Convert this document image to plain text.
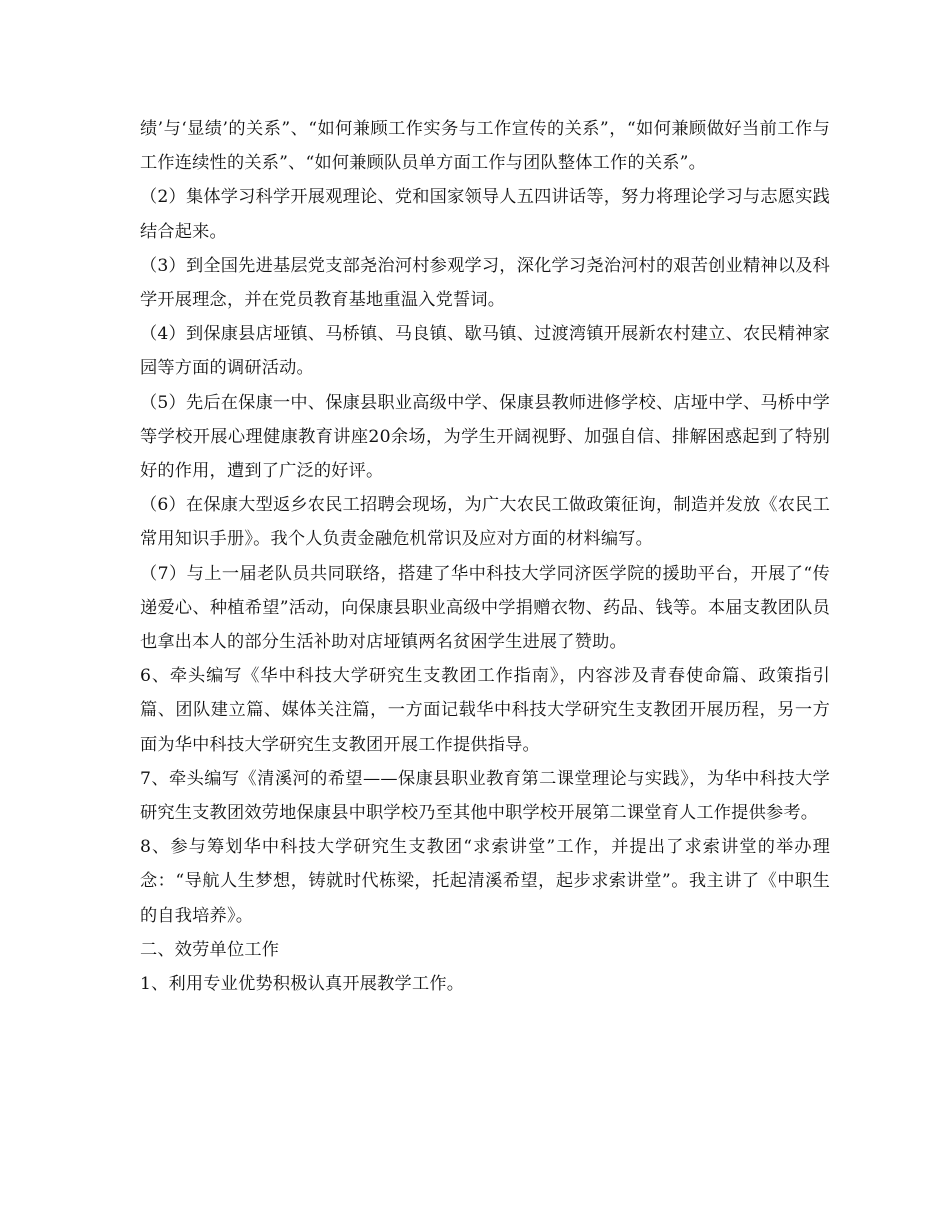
绩’与‘显绩’的关系”、“如何兼顾工作实务与工作宣传的关系”，“如何兼顾做好当前工作与工作连续性的关系”、“如何兼顾队员单方面工作与团队整体工作的关系”。

（2）集体学习科学开展观理论、党和国家领导人五四讲话等，努力将理论学习与志愿实践结合起来。

（3）到全国先进基层党支部尧治河村参观学习，深化学习尧治河村的艰苦创业精神以及科学开展理念，并在党员教育基地重温入党誓词。

（4）到保康县店垭镇、马桥镇、马良镇、歇马镇、过渡湾镇开展新农村建立、农民精神家园等方面的调研活动。

（5）先后在保康一中、保康县职业高级中学、保康县教师进修学校、店垭中学、马桥中学等学校开展心理健康教育讲座20余场，为学生开阔视野、加强自信、排解困惑起到了特别好的作用，遭到了广泛的好评。

（6）在保康大型返乡农民工招聘会现场，为广大农民工做政策征询，制造并发放《农民工常用知识手册》。我个人负责金融危机常识及应对方面的材料编写。

（7）与上一届老队员共同联络，搭建了华中科技大学同济医学院的援助平台，开展了“传递爱心、种植希望”活动，向保康县职业高级中学捐赠衣物、药品、钱等。本届支教团队员也拿出本人的部分生活补助对店垭镇两名贫困学生进展了赞助。

6、牵头编写《华中科技大学研究生支教团工作指南》，内容涉及青春使命篇、政策指引篇、团队建立篇、媒体关注篇，一方面记载华中科技大学研究生支教团开展历程，另一方面为华中科技大学研究生支教团开展工作提供指导。

7、牵头编写《清溪河的希望——保康县职业教育第二课堂理论与实践》，为华中科技大学研究生支教团效劳地保康县中职学校乃至其他中职学校开展第二课堂育人工作提供参考。

8、参与筹划华中科技大学研究生支教团“求索讲堂”工作，并提出了求索讲堂的举办理念：“导航人生梦想，铸就时代栋梁，托起清溪希望，起步求索讲堂”。我主讲了《中职生的自我培养》。

二、效劳单位工作

1、利用专业优势积极认真开展教学工作。
